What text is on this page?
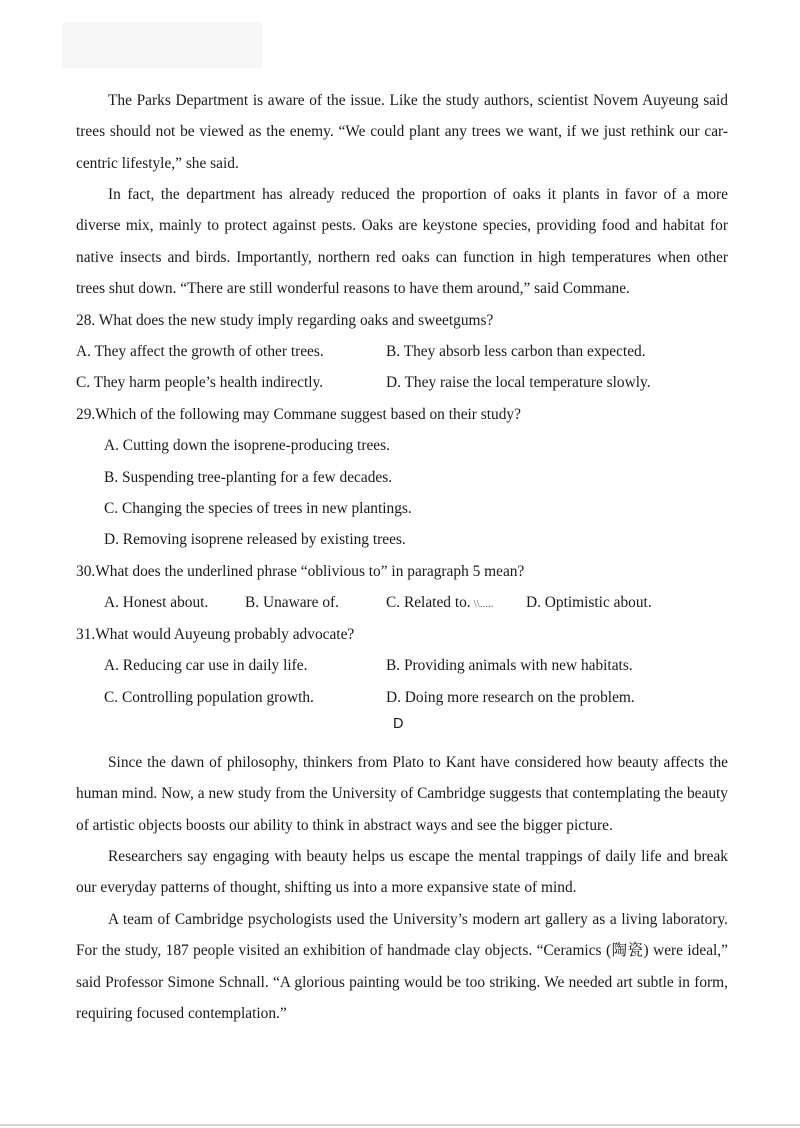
The Parks Department is aware of the issue. Like the study authors, scientist Novem Auyeung said trees should not be viewed as the enemy. “We could plant any trees we want, if we just rethink our car-centric lifestyle,” she said.

In fact, the department has already reduced the proportion of oaks it plants in favor of a more diverse mix, mainly to protect against pests. Oaks are keystone species, providing food and habitat for native insects and birds. Importantly, northern red oaks can function in high temperatures when other trees shut down. “There are still wonderful reasons to have them around,” said Commane.

28. What does the new study imply regarding oaks and sweetgums?

A. They affect the growth of other trees.	B. They absorb less carbon than expected.

C. They harm people’s health indirectly.	D. They raise the local temperature slowly.

29.Which of the following may Commane suggest based on their study?

A. Cutting down the isoprene-producing trees.

B. Suspending tree-planting for a few decades.

C. Changing the species of trees in new plantings.

D. Removing isoprene released by existing trees.

30.What does the underlined phrase “oblivious to” in paragraph 5 mean?

A. Honest about. B. Unaware of.	C. Related to. \\..... D. Optimistic about.

31.What would Auyeung probably advocate?

A. Reducing car use in daily life.	B. Providing animals with new habitats.

C. Controlling population growth.	D. Doing more research on the problem.

D

Since the dawn of philosophy, thinkers from Plato to Kant have considered how beauty affects the human mind. Now, a new study from the University of Cambridge suggests that contemplating the beauty of artistic objects boosts our ability to think in abstract ways and see the bigger picture.

Researchers say engaging with beauty helps us escape the mental trappings of daily life and break our everyday patterns of thought, shifting us into a more expansive state of mind.

A team of Cambridge psychologists used the University’s modern art gallery as a living laboratory. For the study, 187 people visited an exhibition of handmade clay objects. “Ceramics (陶瓷) were ideal,” said Professor Simone Schnall. “A glorious painting would be too striking. We needed art subtle in form, requiring focused contemplation.”
